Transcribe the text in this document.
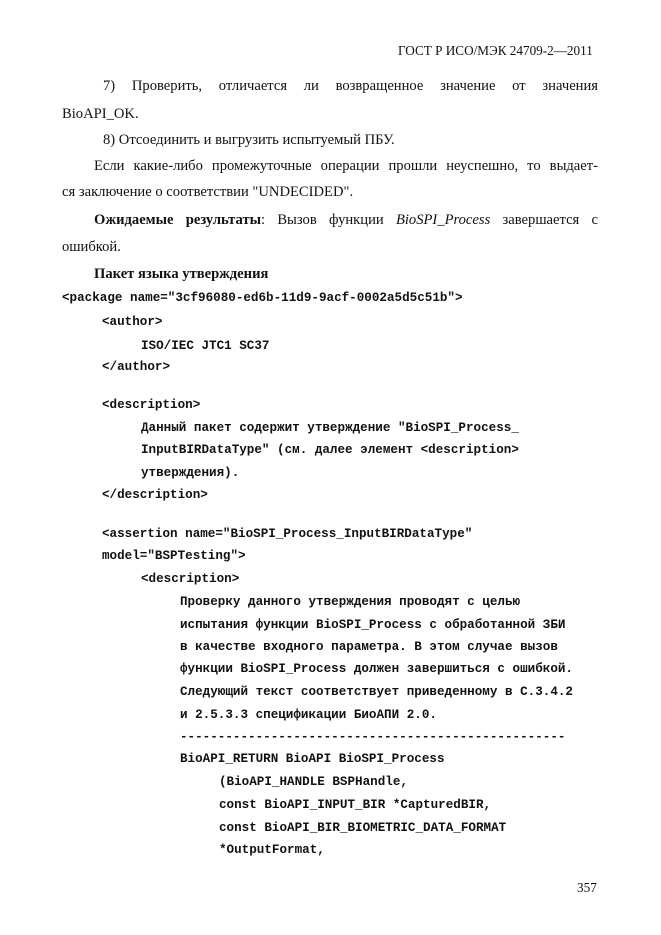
ГОСТ Р ИСО/МЭК 24709-2—2011
7) Проверить, отличается ли возвращенное значение от значения
BioAPI_OK.
8) Отсоединить и выгрузить испытуемый ПБУ.
Если какие-либо промежуточные операции прошли неуспешно, то выдает-
ся заключение о соответствии "UNDECIDED".
Ожидаемые результаты: Вызов функции BioSPI_Process завершается с
ошибкой.
Пакет языка утверждения
<package name="3cf96080-ed6b-11d9-9acf-0002a5d5c51b">
<author>
ISO/IEC JTC1 SC37
</author>
<description>
Данный пакет содержит утверждение "BioSPI_Process_
InputBIRDataType" (см. далее элемент <description>
утверждения).
</description>
<assertion name="BioSPI_Process_InputBIRDataType"
model="BSPTesting">
<description>
Проверку данного утверждения проводят с целью
испытания функции BioSPI_Process с обработанной ЗБИ
в качестве входного параметра. В этом случае вызов
функции BioSPI_Process должен завершиться с ошибкой.
Следующий текст соответствует приведенному в С.3.4.2
и 2.5.3.3 спецификации БиоАПИ 2.0.
---------------------------------------------------
BioAPI_RETURN BioAPI BioSPI_Process
(BioAPI_HANDLE BSPHandle,
const BioAPI_INPUT_BIR *CapturedBIR,
const BioAPI_BIR_BIOMETRIC_DATA_FORMAT
*OutputFormat,
357
